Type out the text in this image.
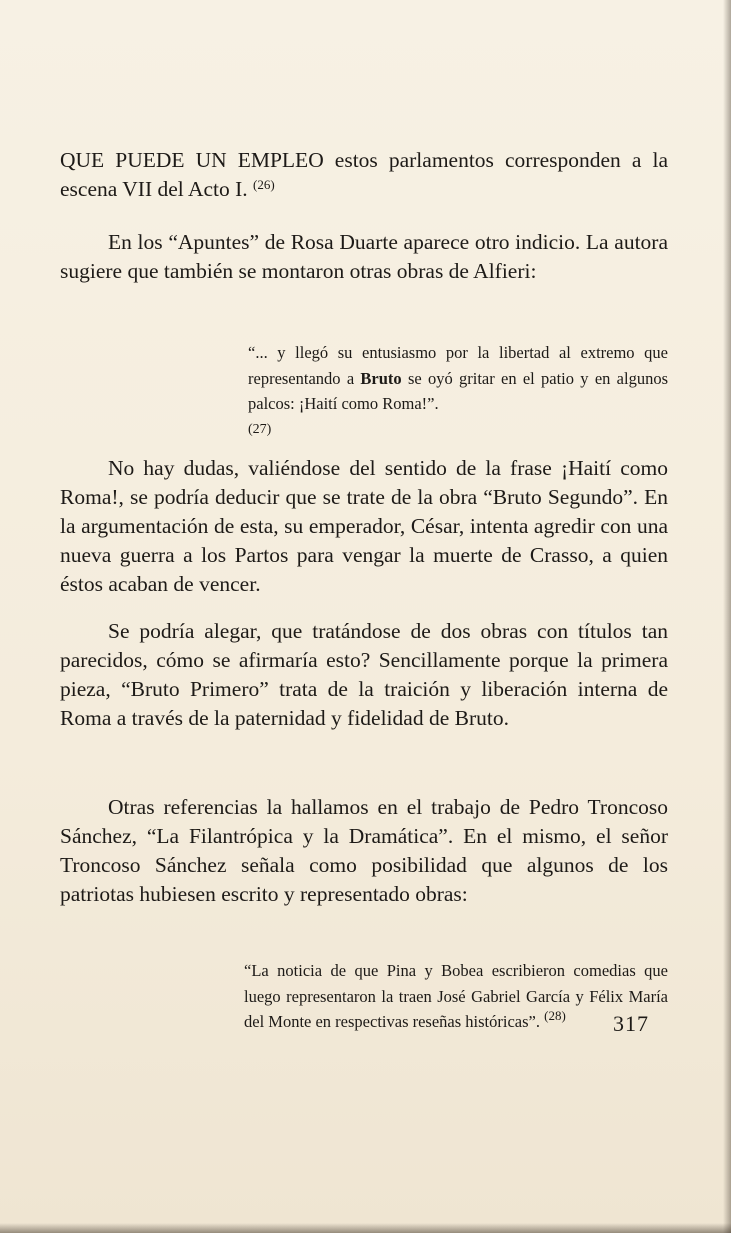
QUE PUEDE UN EMPLEO estos parlamentos corresponden a la escena VII del Acto I. $^{(26)}$

En los “Apuntes” de Rosa Duarte aparece otro indicio. La autora sugiere que también se montaron otras obras de Alfieri:

“... y llegó su entusiasmo por la libertad al extremo que representando a Bruto se oyó gritar en el patio y en algunos palcos: ¡Haití como Roma!”.
(27)

No hay dudas, valiéndose del sentido de la frase ¡Haití como Roma!, se podría deducir que se trate de la obra “Bruto Segundo”. En la argumentación de esta, su emperador, César, intenta agredir con una nueva guerra a los Partos para vengar la muerte de Crasso, a quien éstos acaban de vencer.

Se podría alegar, que tratándose de dos obras con títulos tan parecidos, cómo se afirmaría esto? Sencillamente porque la primera pieza, “Bruto Primero” trata de la traición y liberación interna de Roma a través de la paternidad y fidelidad de Bruto.

Otras referencias la hallamos en el trabajo de Pedro Troncoso Sánchez, “La Filantrópica y la Dramática”. En el mismo, el señor Troncoso Sánchez señala como posibilidad que algunos de los patriotas hubiesen escrito y representado obras:

“La noticia de que Pina y Bobea escribieron comedias que luego representaron la traen José Gabriel García y Félix María del Monte en respectivas reseñas históricas”. $^{(28)}$	317
